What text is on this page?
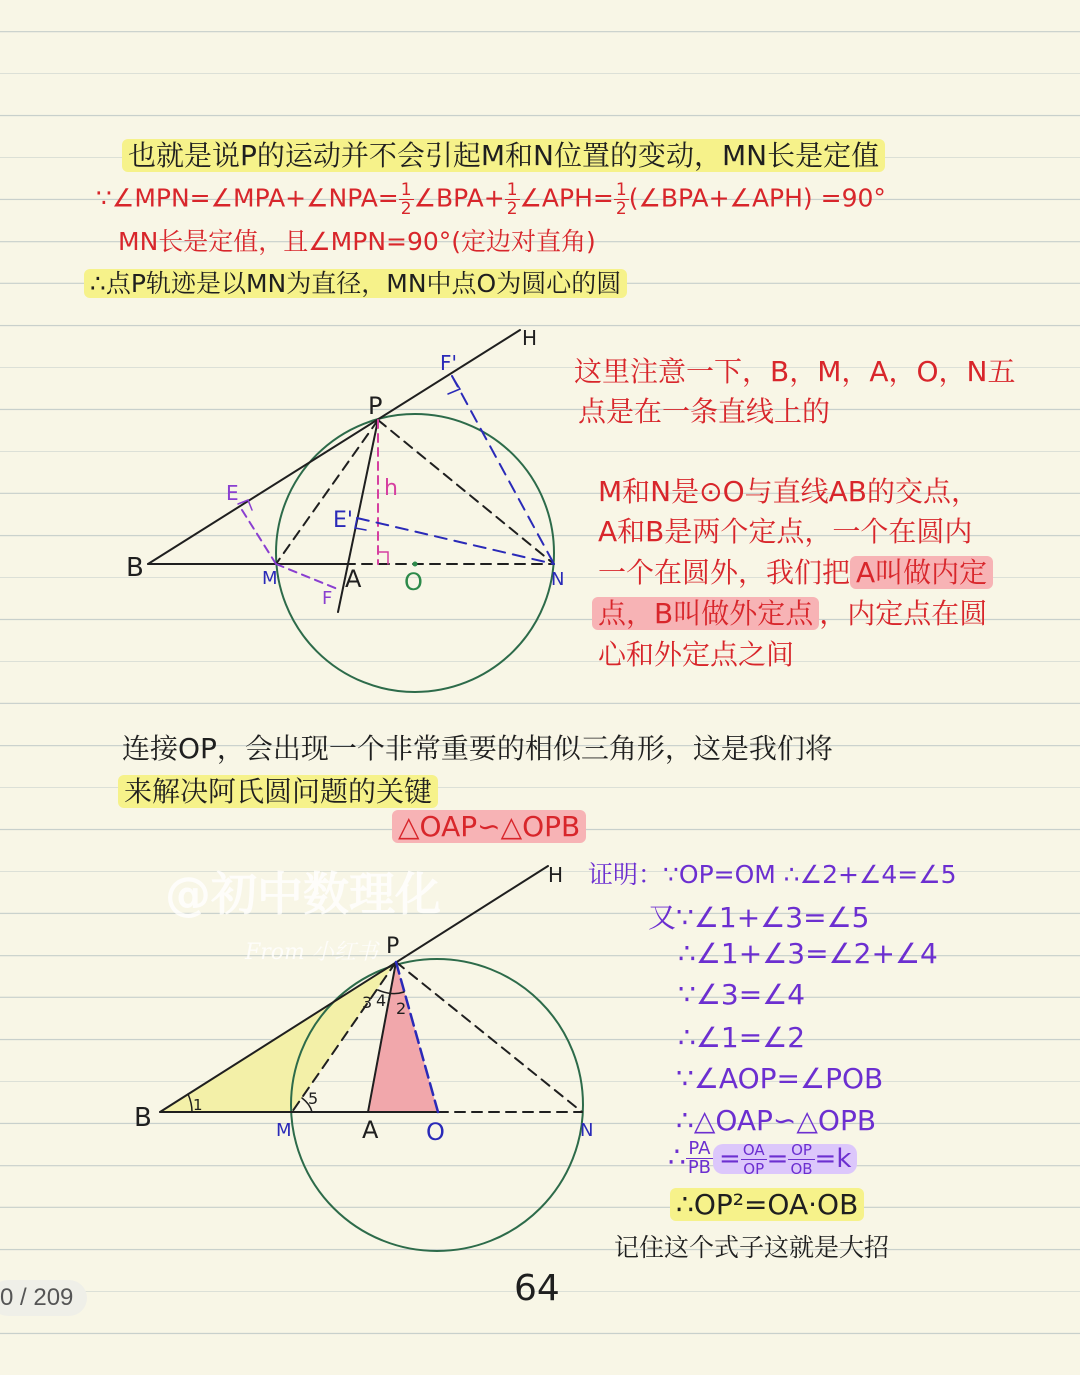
也就是说P的运动并不会引起M和N位置的变动，MN长是定值
∵∠MPN=∠MPA+∠NPA= $\frac{1}{2}$ ∠BPA+ $\frac{1}{2}$ ∠APH= $\frac{1}{2}$ (∠BPA+∠APH) =90°
MN长是定值，且∠MPN=90°(定边对直角)
∴点P轨迹是以MN为直径，MN中点O为圆心的圆
这里注意一下，B，M，A，O，N五
点是在一条直线上的
M和N是⊙O与直线AB的交点，
A和B是两个定点，一个在圆内
一个在圆外，我们把 A叫做内定
点，B叫做外定点 ，内定点在圆
心和外定点之间
连接OP，会出现一个非常重要的相似三角形，这是我们将
来解决阿氏圆问题的关键
△OAP∽△OPB
证明：∵OP=OM ∴∠2+∠4=∠5
又∵∠1+∠3=∠5
∴∠1+∠3=∠2+∠4
∵∠3=∠4
∴∠1=∠2
∵∠AOP=∠POB
∴△OAP∽△OPB
∴ $\frac{PA}{PB} = \frac{OA}{OP} = \frac{OP}{OB} =k$
∴OP²=OA·OB
记住这个式子这就是大招
H
P
F'
E
E'
h
B	M	A O	N
F
H
P
B	M	A O	N
1
2
3 4
5
@初中数理化
From 小红书
64
0 / 209
